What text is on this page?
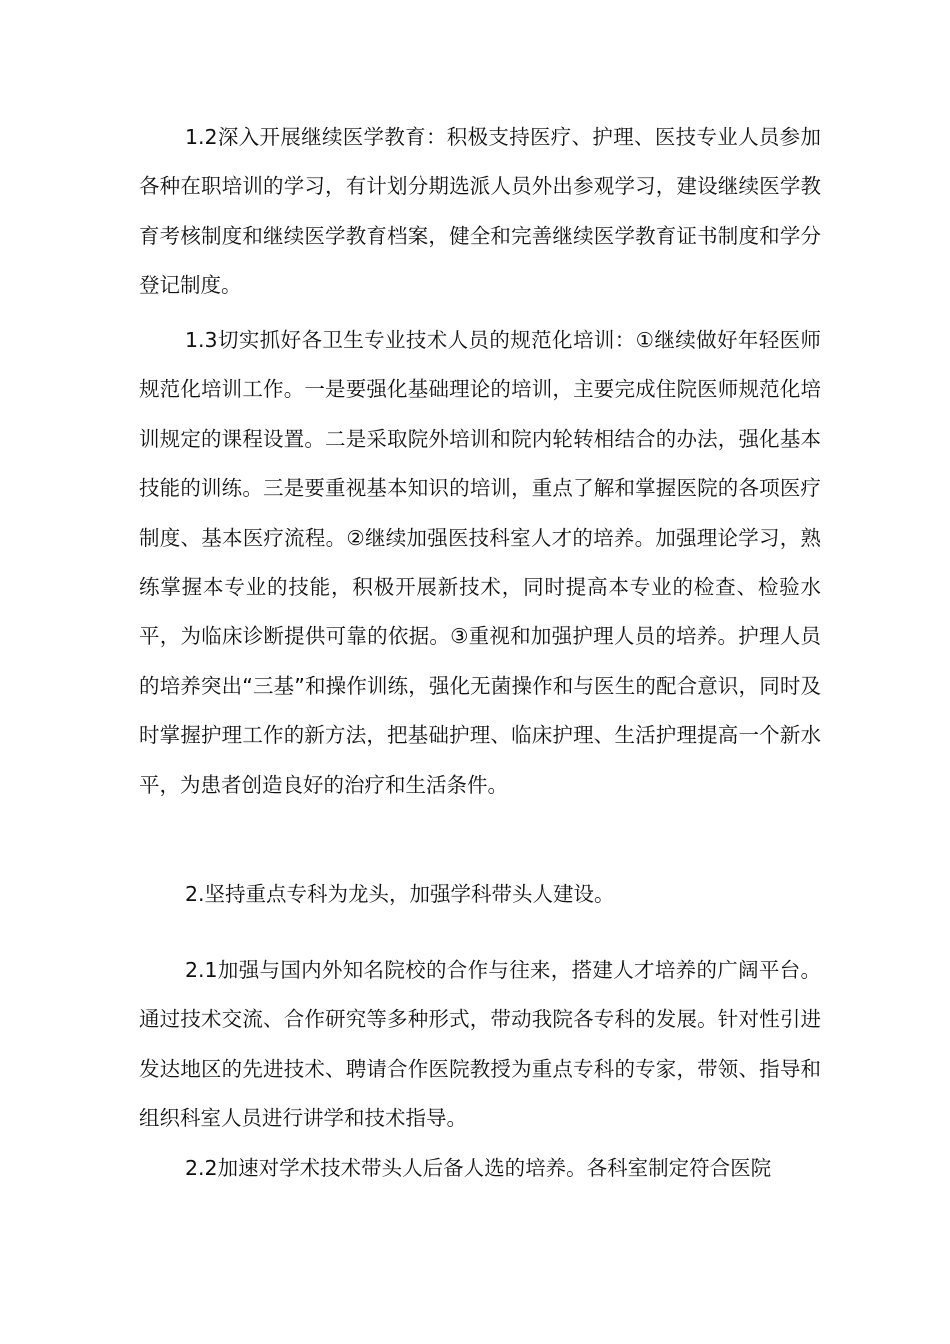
1.2深入开展继续医学教育：积极支持医疗、护理、医技专业人员参加各种在职培训的学习，有计划分期选派人员外出参观学习，建设继续医学教育考核制度和继续医学教育档案，健全和完善继续医学教育证书制度和学分登记制度。

1.3切实抓好各卫生专业技术人员的规范化培训：①继续做好年轻医师规范化培训工作。一是要强化基础理论的培训，主要完成住院医师规范化培训规定的课程设置。二是采取院外培训和院内轮转相结合的办法，强化基本技能的训练。三是要重视基本知识的培训，重点了解和掌握医院的各项医疗制度、基本医疗流程。②继续加强医技科室人才的培养。加强理论学习，熟练掌握本专业的技能，积极开展新技术，同时提高本专业的检查、检验水平，为临床诊断提供可靠的依据。③重视和加强护理人员的培养。护理人员的培养突出“三基”和操作训练，强化无菌操作和与医生的配合意识，同时及时掌握护理工作的新方法，把基础护理、临床护理、生活护理提高一个新水平，为患者创造良好的治疗和生活条件。

2.坚持重点专科为龙头，加强学科带头人建设。

2.1加强与国内外知名院校的合作与往来，搭建人才培养的广阔平台。通过技术交流、合作研究等多种形式，带动我院各专科的发展。针对性引进发达地区的先进技术、聘请合作医院教授为重点专科的专家，带领、指导和组织科室人员进行讲学和技术指导。

2.2加速对学术技术带头人后备人选的培养。各科室制定符合医院
